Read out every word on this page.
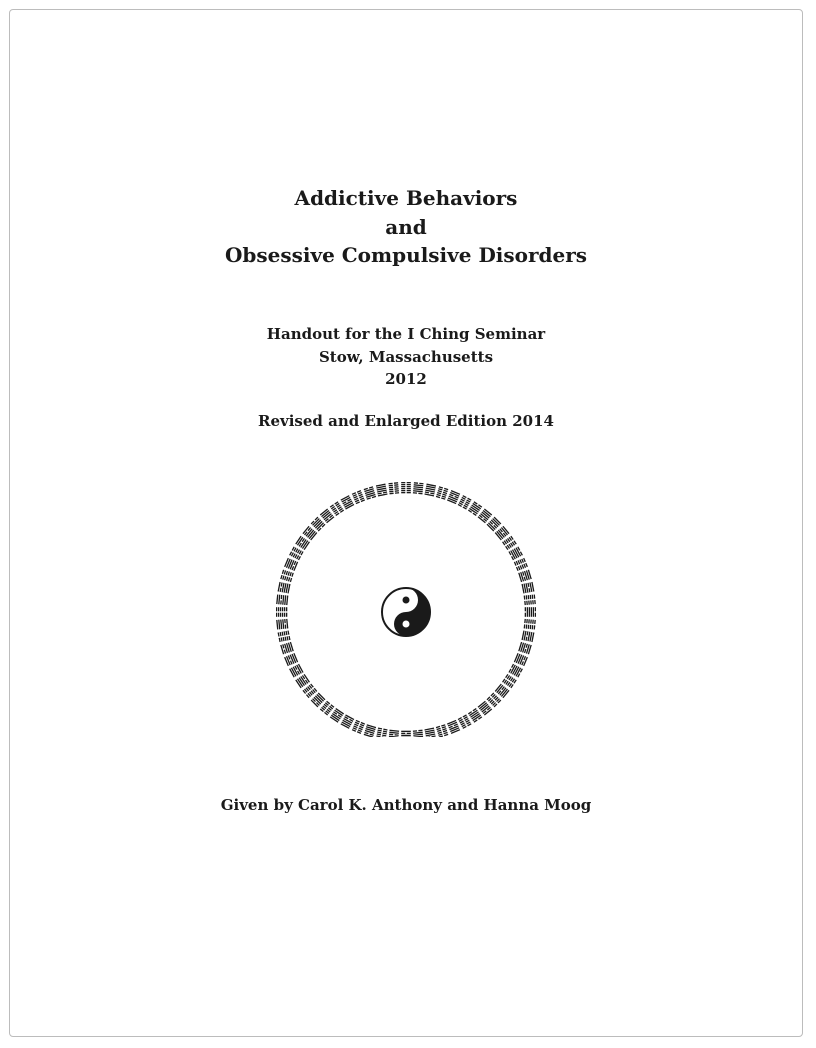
Addictive Behaviors
and
Obsessive Compulsive Disorders
Handout for the I Ching Seminar
Stow, Massachusetts
2012
Revised and Enlarged Edition 2014
Given by Carol K. Anthony and Hanna Moog
